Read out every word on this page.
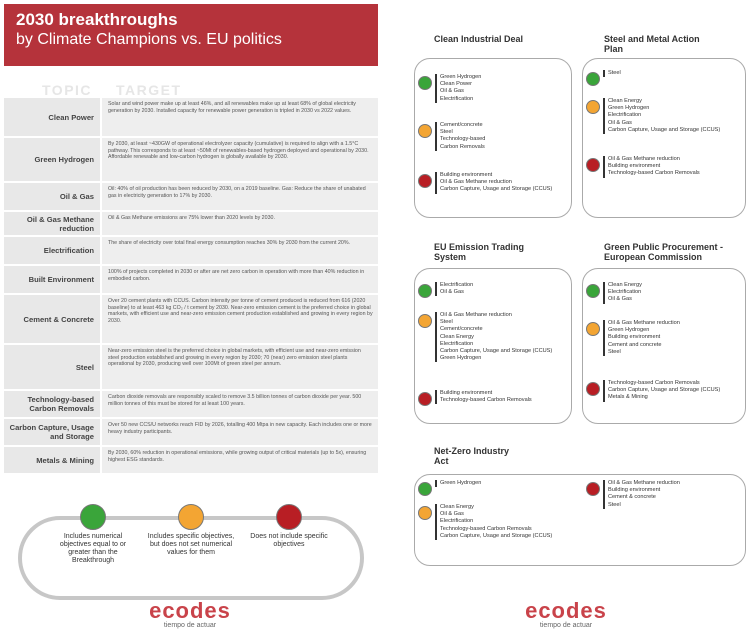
2030 breakthroughs
by Climate Champions vs. EU politics
TOPIC TARGET
Clean Power
Solar and wind power make up at least 46%, and all renewables make up at least 68% of global electricity generation by 2030. Installed capacity for renewable power generation is tripled in 2030 vs 2022 values.
Green Hydrogen
By 2030, at least ~430GW of operational electrolyzer capacity (cumulative) is required to align with a 1.5°C pathway. This corresponds to at least ~50Mt of renewables-based hydrogen deployed and operational by 2030. Affordable renewable and low-carbon hydrogen is globally available by 2030.
Oil & Gas
Oil: 40% of oil production has been reduced by 2030, on a 2019 baseline. Gas: Reduce the share of unabated gas in electricity generation to 17% by 2030.
Oil & Gas Methane reduction
Oil & Gas Methane emissions are 75% lower than 2020 levels by 2030.
Electrification
The share of electricity over total final energy consumption reaches 30% by 2030 from the current 20%.
Built Environment
100% of projects completed in 2030 or after are net zero carbon in operation with more than 40% reduction in embodied carbon.
Cement & Concrete
Over 20 cement plants with CCUS. Carbon intensity per tonne of cement produced is reduced from 616 (2020 baseline) to at least 463 kg CO₂ / t cement by 2030. Near-zero emission cement is the preferred choice in global markets, with efficient use and near-zero emission cement production established and growing in every region by 2030.
Steel
Near-zero emission steel is the preferred choice in global markets, with efficient use and near-zero emission steel production established and growing in every region by 2030; 70 (near) zero emission steel plants operational by 2030, producing well over 100Mt of green steel per annum.
Technology-based Carbon Removals
Carbon dioxide removals are responsibly scaled to remove 3.5 billion tonnes of carbon dioxide per year. 500 million tonnes of this must be stored for at least 100 years.
Carbon Capture, Usage and Storage
Over 50 new CCS/U networks reach FID by 2026, totalling 400 Mtpa in new capacity. Each includes one or more heavy industry participants.
Metals & Mining
By 2030, 60% reduction in operational emissions, while growing output of critical materials (up to 5x), ensuring highest ESG standards.
Includes numerical objectives equal to or greater than the Breakthrough
Includes specific objectives, but does not set numerical values for them
Does not include specific objectives
ecodes
tiempo de actuar
Clean Industrial Deal
Green Hydrogen
Clean Power
Oil & Gas
Electrification
Cement/concrete
Steel
Technology-based
Carbon Removals
Building environment
Oil & Gas Methane reduction
Carbon Capture, Usage and Storage (CCUS)
Steel and Metal Action Plan
Steel
Clean Energy
Green Hydrogen
Electrification
Oil & Gas
Carbon Capture, Usage and Storage (CCUS)
Oil & Gas Methane reduction
Building environment
Technology-based Carbon Removals
EU Emission Trading System
Electrification
Oil & Gas
Oil & Gas Methane reduction
Steel
Cement/concrete
Clean Energy
Electrification
Carbon Capture, Usage and Storage (CCUS)
Green Hydrogen
Building environment
Technology-based Carbon Removals
Green Public Procurement - European Commission
Clean Energy
Electrification
Oil & Gas
Oil & Gas Methane reduction
Green Hydrogen
Building environment
Cement and concrete
Steel
Technology-based Carbon Removals
Carbon Capture, Usage and Storage (CCUS)
Metals & Mining
Net-Zero Industry Act
Green Hydrogen
Clean Energy
Oil & Gas
Electrification
Technology-based Carbon Removals
Carbon Capture, Usage and Storage (CCUS)
Oil & Gas Methane reduction
Building environment
Cement & concrete
Steel
ecodes
tiempo de actuar
